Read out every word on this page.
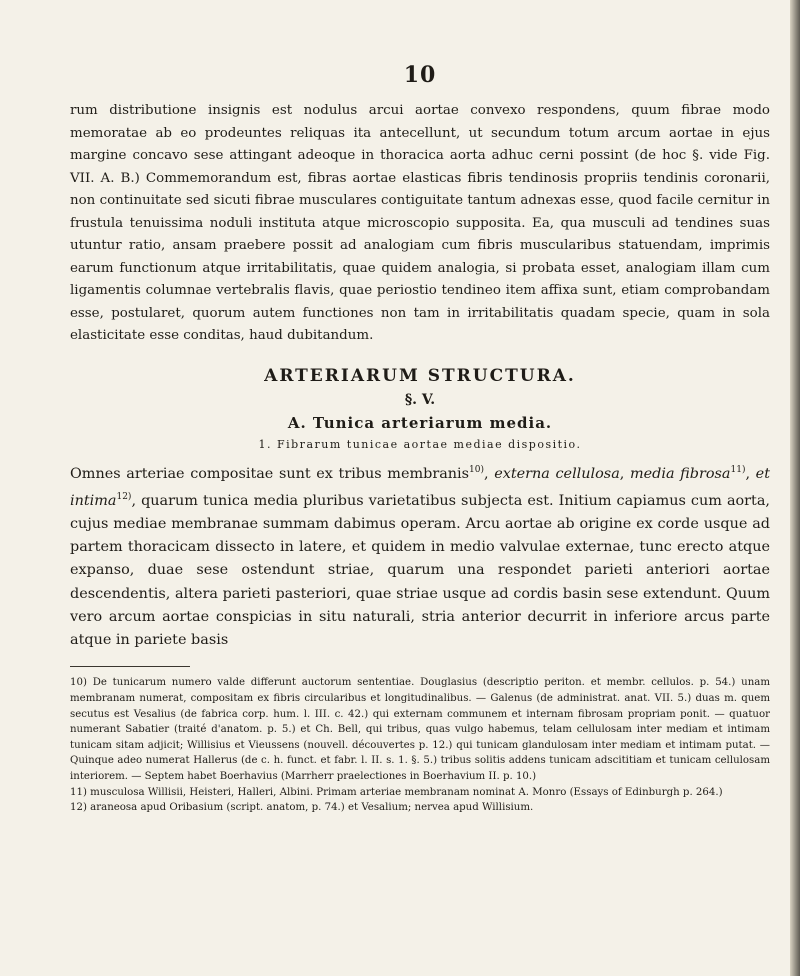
10

rum distributione insignis est nodulus arcui aortae convexo respondens, quum fibrae modo memoratae ab eo prodeuntes reliquas ita antecellunt, ut secundum totum arcum aortae in ejus margine concavo sese attingant adeoque in thoracica aorta adhuc cerni possint (de hoc §. vide Fig. VII. A. B.) Commemorandum est, fibras aortae elasticas fibris tendinosis propriis tendinis coronarii, non continuitate sed sicuti fibrae musculares contiguitate tantum adnexas esse, quod facile cernitur in frustula tenuissima noduli instituta atque microscopio supposita. Ea, qua musculi ad tendines suas utuntur ratio, ansam praebere possit ad analogiam cum fibris muscularibus statuendam, imprimis earum functionum atque irritabilitatis, quae quidem analogia, si probata esset, analogiam illam cum ligamentis columnae vertebralis flavis, quae periostio tendineo item affixa sunt, etiam comprobandam esse, postularet, quorum autem functiones non tam in irritabilitatis quadam specie, quam in sola elasticitate esse conditas, haud dubitandum.

ARTERIARUM STRUCTURA.
§. V.
A. Tunica arteriarum media.
1. Fibrarum tunicae aortae mediae dispositio.

Omnes arteriae compositae sunt ex tribus membranis$^{10)}$, externa cellulosa, media fibrosa$^{11)}$, et intima$^{12)}$, quarum tunica media pluribus varietatibus subjecta est. Initium capiamus cum aorta, cujus mediae membranae summam dabimus operam. Arcu aortae ab origine ex corde usque ad partem thoracicam dissecto in latere, et quidem in medio valvulae externae, tunc erecto atque expanso, duae sese ostendunt striae, quarum una respondet parieti anteriori aortae descendentis, altera parieti pasteriori, quae striae usque ad cordis basin sese extendunt. Quum vero arcum aortae conspicias in situ naturali, stria anterior decurrit in inferiore arcus parte atque in pariete basis

10) De tunicarum numero valde differunt auctorum sententiae. Douglasius (descriptio periton. et membr. cellulos. p. 54.) unam membranam numerat, compositam ex fibris circularibus et longitudinalibus. — Galenus (de administrat. anat. VII. 5.) duas m. quem secutus est Vesalius (de fabrica corp. hum. l. III. c. 42.) qui externam communem et internam fibrosam propriam ponit. — quatuor numerant Sabatier (traité d'anatom. p. 5.) et Ch. Bell, qui tribus, quas vulgo habemus, telam cellulosam inter mediam et intimam tunicam sitam adjicit; Willisius et Vieussens (nouvell. découvertes p. 12.) qui tunicam glandulosam inter mediam et intimam putat. — Quinque adeo numerat Hallerus (de c. h. funct. et fabr. l. II. s. 1. §. 5.) tribus solitis addens tunicam adscititiam et tunicam cellulosam interiorem. — Septem habet Boerhavius (Marrherr praelectiones in Boerhavium II. p. 10.)

11) musculosa Willisii, Heisteri, Halleri, Albini. Primam arteriae membranam nominat A. Monro (Essays of Edinburgh p. 264.)

12) araneosa apud Oribasium (script. anatom, p. 74.) et Vesalium; nervea apud Willisium.
